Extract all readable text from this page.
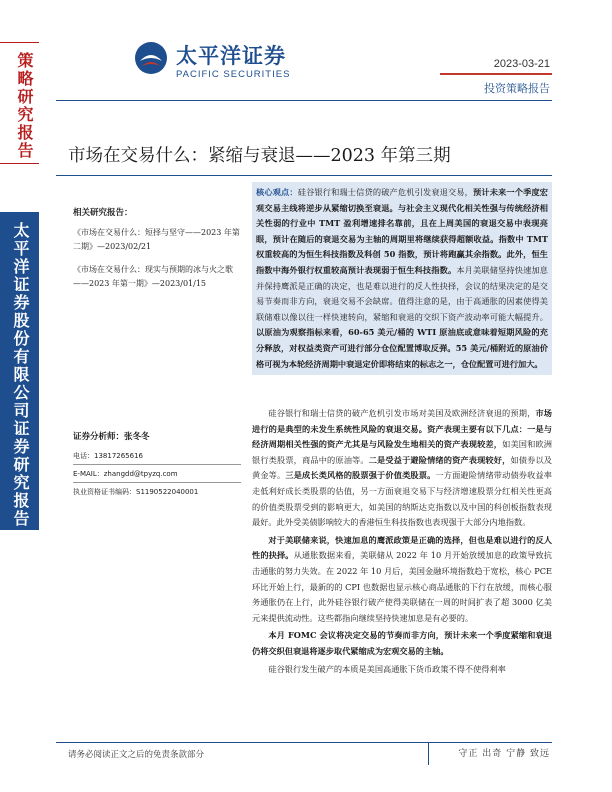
策略研究报告
太平洋证券股份有限公司证券研究报告
太平洋证券
PACIFIC SECURITIES
2023-03-21
投资策略报告
市场在交易什么：紧缩与衰退——2023 年第三期
相关研究报告：
《市场在交易什么：短择与坚守——2023 年第二期》—2023/02/21
《市场在交易什么：现实与预期的冰与火之歌——2023 年第一期》—2023/01/15
证券分析师：张冬冬
电话：13817265616
E-MAIL：zhangdd@tpyzq.com
执业资格证书编码：S1190522040001

核心观点：硅谷银行和瑞士信贷的破产危机引发衰退交易，预计未来一个季度宏观交易主线将逆步从紧缩切换至衰退。与社会主义现代化相关性强与传统经济相关性弱的行业中 TMT 盈利增速排名靠前，且在上周美国的衰退交易中表现亮眼，预计在随后的衰退交易为主轴的周期里将继续获得超额收益。指数中 TMT 权重较高的为恒生科技指数及科创 50 指数，预计将跑赢其余指数。此外，恒生指数中海外银行权重较高预计表现弱于恒生科技指数。本月美联储坚持快速加息并保持鹰派是正确的决定，也是难以进行的反人性抉择，会议的结果决定的是交易节奏而非方向，衰退交易不会缺席。值得注意的是，由于高通胀的因素使得美联储难以像以往一样快速转向，紧缩和衰退的交织下资产波动率可能大幅提升。以原油为观察指标来看，60-65 美元/桶的 WTI 原油底或意味着短期风险的充分释放，对权益类资产可进行部分仓位配置博取反弹。55 美元/桶附近的原油价格可视为本轮经济周期中衰退定价即将结束的标志之一，仓位配置可进行加大。

硅谷银行和瑞士信贷的破产危机引发市场对美国及欧洲经济衰退的预期，市场进行的是典型的未发生系统性风险的衰退交易。资产表现主要有以下几点：一是与经济周期相关性强的资产尤其是与风险发生地相关的资产表现较差，如美国和欧洲银行类股票，商品中的原油等。二是受益于避险情绪的资产表现较好，如债券以及黄金等。三是成长类风格的股票强于价值类股票。一方面避险情绪带动债券收益率走低利好成长类股票的估值，另一方面衰退交易下与经济增速股票分红相关性更高的价值类股票受到的影响更大，如美国的纳斯达克指数以及中国的科创板指数表现最好。此外受美债影响较大的香港恒生科技指数也表现强于大部分内地指数。

对于美联储来说，快速加息的鹰派政策是正确的选择，但也是难以进行的反人性的抉择。从通胀数据来看，美联储从 2022 年 10 月开始放缓加息的政策导致抗击通胀的努力失效。在 2022 年 10 月后，美国金融环境指数趋于宽松，核心 PCE 环比开始上行，最新的的 CPI 也数据也显示核心商品通胀的下行在放缓，而核心服务通胀仍在上行，此外硅谷银行破产使得美联储在一周的时间扩表了超 3000 亿美元来提供流动性。这些都指向继续坚持快速加息是有必要的。

本月 FOMC 会议将决定交易的节奏而非方向，预计未来一个季度紧缩和衰退仍将交织但衰退将逐步取代紧缩成为宏观交易的主轴。

硅谷银行发生破产的本质是美国高通胀下货币政策不得不使得利率

请务必阅读正文之后的免责条款部分	守正 出奇 宁静 致远
